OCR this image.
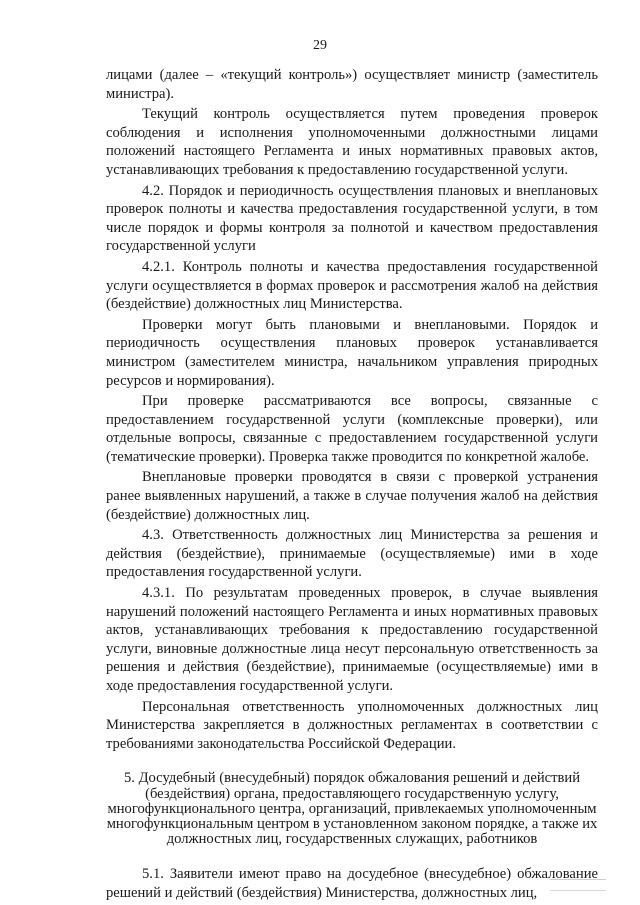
29

лицами (далее – «текущий контроль») осуществляет министр (заместитель министра).

Текущий контроль осуществляется путем проведения проверок соблюдения и исполнения уполномоченными должностными лицами положений настоящего Регламента и иных нормативных правовых актов, устанавливающих требования к предоставлению государственной услуги.

4.2. Порядок и периодичность осуществления плановых и внеплановых проверок полноты и качества предоставления государственной услуги, в том числе порядок и формы контроля за полнотой и качеством предоставления государственной услуги

4.2.1. Контроль полноты и качества предоставления государственной услуги осуществляется в формах проверок и рассмотрения жалоб на действия (бездействие) должностных лиц Министерства.

Проверки могут быть плановыми и внеплановыми. Порядок и периодичность осуществления плановых проверок устанавливается министром (заместителем министра, начальником управления природных ресурсов и нормирования).

При проверке рассматриваются все вопросы, связанные с предоставлением государственной услуги (комплексные проверки), или отдельные вопросы, связанные с предоставлением государственной услуги (тематические проверки). Проверка также проводится по конкретной жалобе.

Внеплановые проверки проводятся в связи с проверкой устранения ранее выявленных нарушений, а также в случае получения жалоб на действия (бездействие) должностных лиц.

4.3. Ответственность должностных лиц Министерства за решения и действия (бездействие), принимаемые (осуществляемые) ими в ходе предоставления государственной услуги.

4.3.1. По результатам проведенных проверок, в случае выявления нарушений положений настоящего Регламента и иных нормативных правовых актов, устанавливающих требования к предоставлению государственной услуги, виновные должностные лица несут персональную ответственность за решения и действия (бездействие), принимаемые (осуществляемые) ими в ходе предоставления государственной услуги.

Персональная ответственность уполномоченных должностных лиц Министерства закрепляется в должностных регламентах в соответствии с требованиями законодательства Российской Федерации.

5. Досудебный (внесудебный) порядок обжалования решений и действий (бездействия) органа, предоставляющего государственную услугу, многофункционального центра, организаций, привлекаемых уполномоченным многофункциональным центром в установленном законом порядке, а также их должностных лиц, государственных служащих, работников

5.1. Заявители имеют право на досудебное (внесудебное) обжалование решений и действий (бездействия) Министерства, должностных лиц,
